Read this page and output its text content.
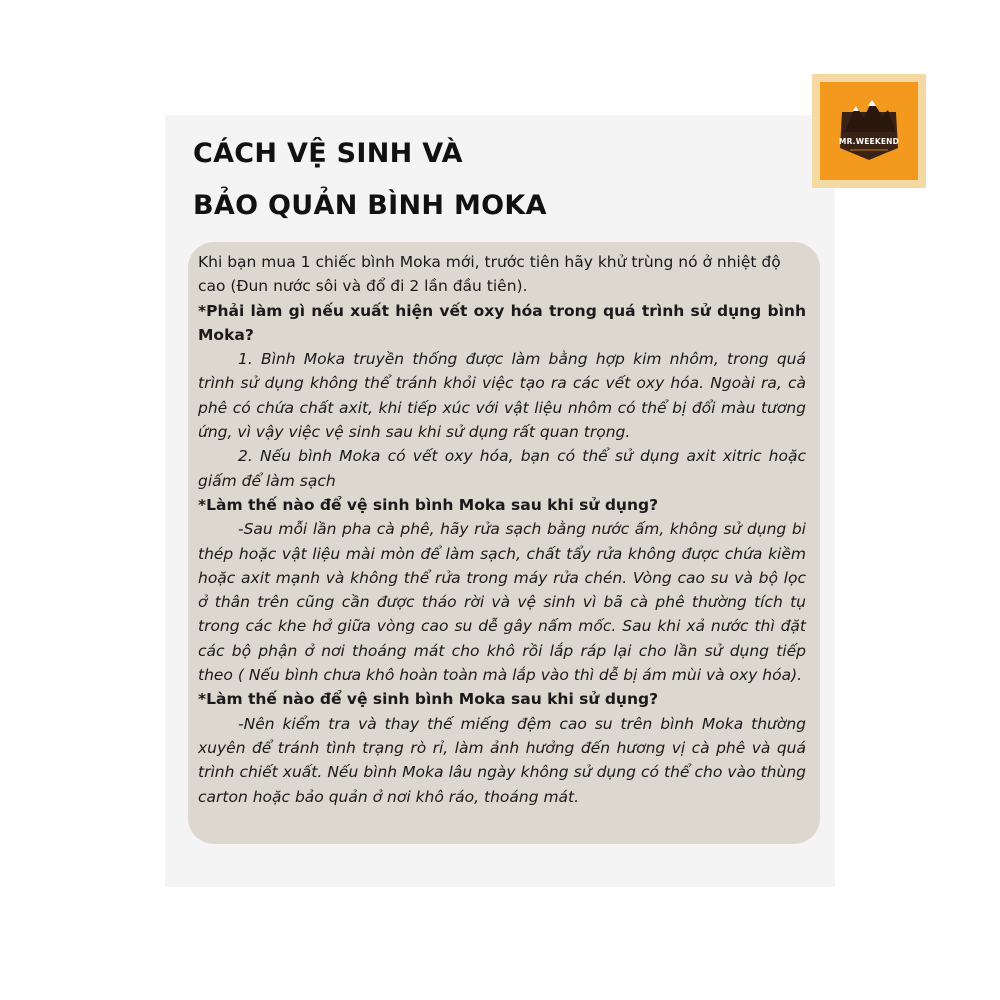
CÁCH VỆ SINH VÀ
BẢO QUẢN BÌNH MOKA
MR.WEEKEND

Khi bạn mua 1 chiếc bình Moka mới, trước tiên hãy khử trùng nó ở nhiệt độ cao (Đun nước sôi và đổ đi 2 lần đầu tiên).

*Phải làm gì nếu xuất hiện vết oxy hóa trong quá trình sử dụng bình Moka?

1. Bình Moka truyền thống được làm bằng hợp kim nhôm, trong quá trình sử dụng không thể tránh khỏi việc tạo ra các vết oxy hóa. Ngoài ra, cà phê có chứa chất axit, khi tiếp xúc với vật liệu nhôm có thể bị đổi màu tương ứng, vì vậy việc vệ sinh sau khi sử dụng rất quan trọng.

2. Nếu bình Moka có vết oxy hóa, bạn có thể sử dụng axit xitric hoặc giấm để làm sạch

*Làm thế nào để vệ sinh bình Moka sau khi sử dụng?

-Sau mỗi lần pha cà phê, hãy rửa sạch bằng nước ấm, không sử dụng bi thép hoặc vật liệu mài mòn để làm sạch, chất tẩy rửa không được chứa kiềm hoặc axit mạnh và không thể rửa trong máy rửa chén. Vòng cao su và bộ lọc ở thân trên cũng cần được tháo rời và vệ sinh vì bã cà phê thường tích tụ trong các khe hở giữa vòng cao su dễ gây nấm mốc. Sau khi xả nước thì đặt các bộ phận ở nơi thoáng mát cho khô rồi lắp ráp lại cho lần sử dụng tiếp theo ( Nếu bình chưa khô hoàn toàn mà lắp vào thì dễ bị ám mùi và oxy hóa).

*Làm thế nào để vệ sinh bình Moka sau khi sử dụng?

-Nên kiểm tra và thay thế miếng đệm cao su trên bình Moka thường xuyên để tránh tình trạng rò rỉ, làm ảnh hưởng đến hương vị cà phê và quá trình chiết xuất. Nếu bình Moka lâu ngày không sử dụng có thể cho vào thùng carton hoặc bảo quản ở nơi khô ráo, thoáng mát.
